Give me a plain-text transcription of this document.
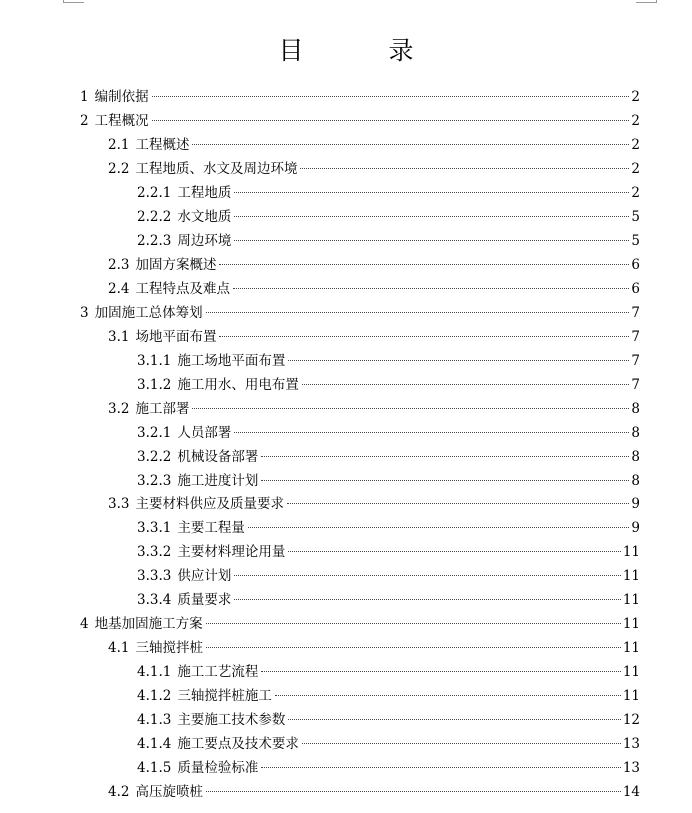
目　录
1 编制依据	2
2 工程概况	2
2.1 工程概述	2
2.2 工程地质、水文及周边环境	2
2.2.1 工程地质	2
2.2.2 水文地质	5
2.2.3 周边环境	5
2.3 加固方案概述	6
2.4 工程特点及难点	6
3 加固施工总体筹划	7
3.1 场地平面布置	7
3.1.1 施工场地平面布置	7
3.1.2 施工用水、用电布置	7
3.2 施工部署	8
3.2.1 人员部署	8
3.2.2 机械设备部署	8
3.2.3 施工进度计划	8
3.3 主要材料供应及质量要求	9
3.3.1 主要工程量	9
3.3.2 主要材料理论用量	11
3.3.3 供应计划	11
3.3.4 质量要求	11
4 地基加固施工方案	11
4.1 三轴搅拌桩	11
4.1.1 施工工艺流程	11
4.1.2 三轴搅拌桩施工	11
4.1.3 主要施工技术参数	12
4.1.4 施工要点及技术要求	13
4.1.5 质量检验标准	13
4.2 高压旋喷桩	14
